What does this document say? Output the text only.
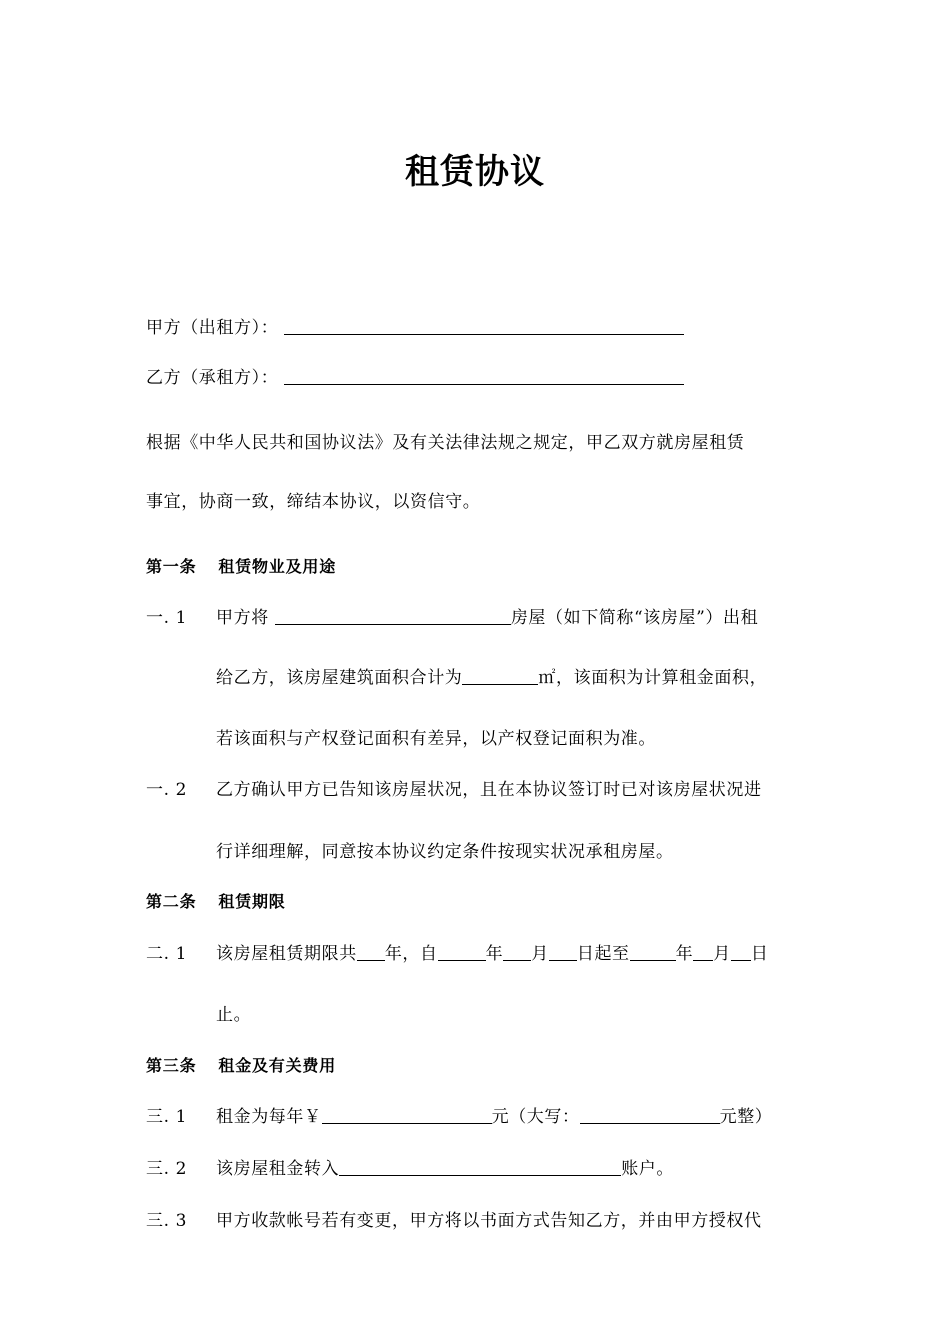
租赁协议
甲方（出租方）：
乙方（承租方）：
根据《中华人民共和国协议法》及有关法律法规之规定，甲乙双方就房屋租赁
事宜，协商一致，缔结本协议，以资信守。
第一条 租赁物业及用途
一. 1 甲方将	房屋（如下简称“该房屋”）出租
给乙方，该房屋建筑面积合计为	㎡，该面积为计算租金面积，
若该面积与产权登记面积有差异，以产权登记面积为准。
一. 2 乙方确认甲方已告知该房屋状况，且在本协议签订时已对该房屋状况进
行详细理解，同意按本协议约定条件按现实状况承租房屋。
第二条 租赁期限
二. 1 该房屋租赁期限共 年，自	年 月 日起至	年 月 日
止。
第三条 租金及有关费用
三. 1 租金为每年￥	元（大写：	元整）
三. 2 该房屋租金转入	账户。
三. 3 甲方收款帐号若有变更，甲方将以书面方式告知乙方，并由甲方授权代
